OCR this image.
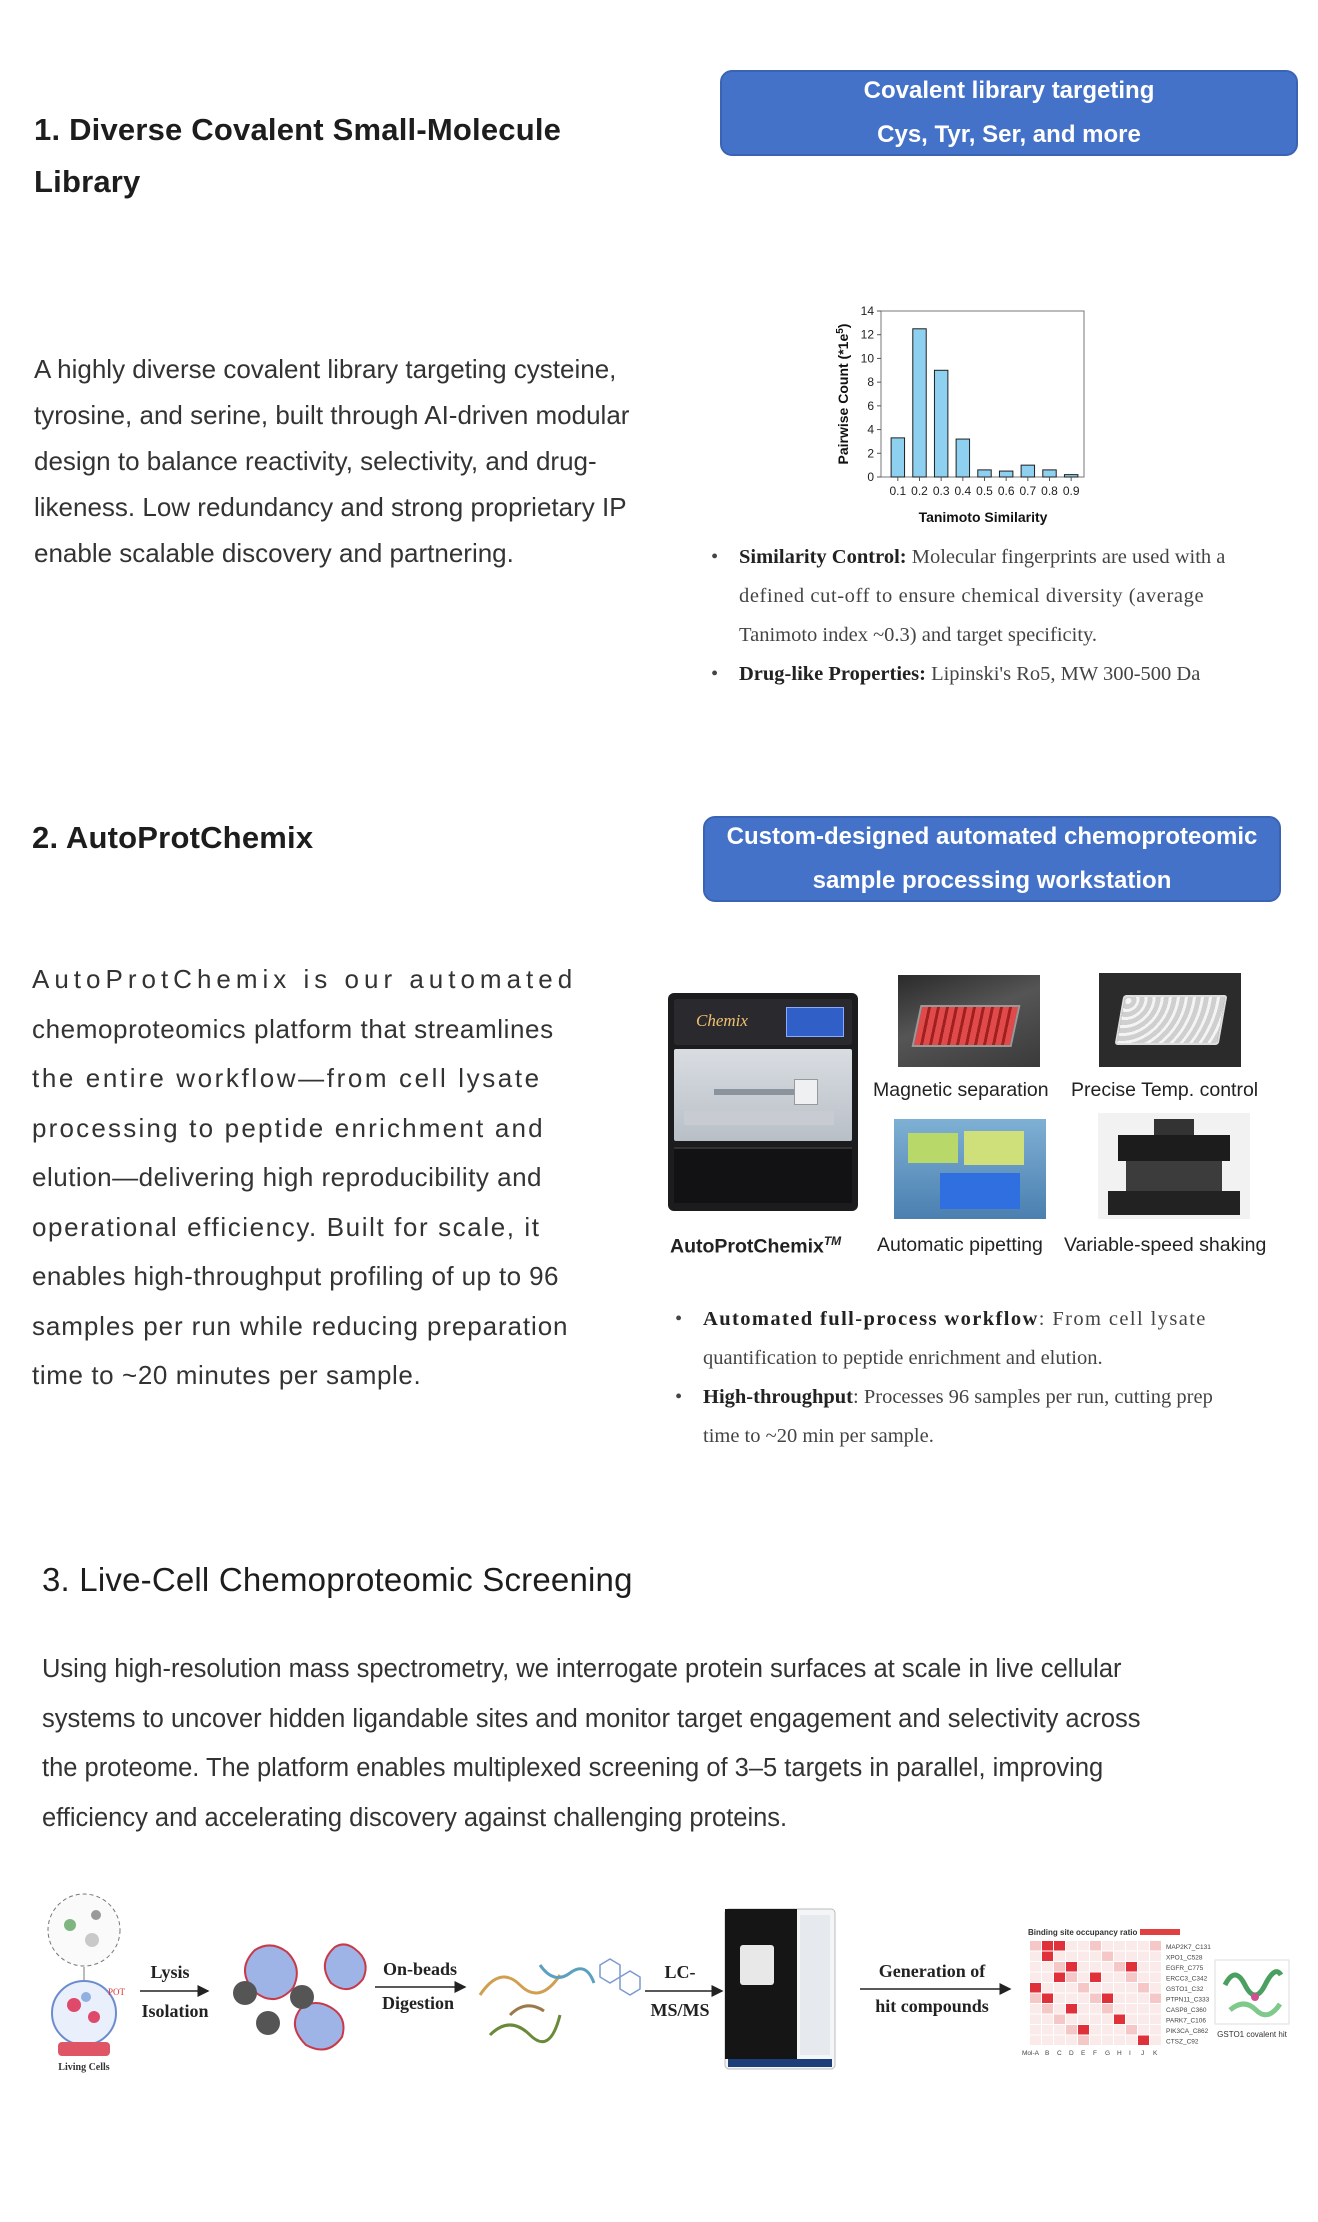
1. Diverse Covalent Small-Molecule
Library
Covalent library targeting
Cys, Tyr, Ser, and more
A highly diverse covalent library targeting cysteine,
tyrosine, and serine, built through AI-driven modular
design to balance reactivity, selectivity, and drug-
likeness. Low redundancy and strong proprietary IP
enable scalable discovery and partnering.
0
2
4
6
8
10
12
14
0.1 0.2 0.3 0.4 0.5 0.6 0.7 0.8 0.9
Tanimoto Similarity
Pairwise Count $(*1e^5)$
•	Similarity Control: Molecular fingerprints are used with a
defined cut-off to ensure chemical diversity (average
Tanimoto index ~0.3) and target specificity.
•	Drug-like Properties: Lipinski's Ro5, MW 300-500 Da
2. AutoProtChemix	Custom-designed automated chemoproteomic
sample processing workstation
AutoProtChemix is our automated
chemoproteomics platform that streamlines
the entire workflow—from cell lysate
processing to peptide enrichment and
elution—delivering high reproducibility and
operational efficiency. Built for scale, it
enables high-throughput profiling of up to 96
samples per run while reducing preparation
time to ~20 minutes per sample.
Chemix
Magnetic separation Precise Temp. control
AutoProtChemix™ Automatic pipetting Variable-speed shaking
•	Automated full-process workflow: From cell lysate
quantification to peptide enrichment and elution.
•	High-throughput: Processes 96 samples per run, cutting prep
time to ~20 min per sample.
3. Live-Cell Chemoproteomic Screening
Using high-resolution mass spectrometry, we interrogate protein surfaces at scale in live cellular
systems to uncover hidden ligandable sites and monitor target engagement and selectivity across
the proteome. The platform enables multiplexed screening of 3–5 targets in parallel, improving
efficiency and accelerating discovery against challenging proteins.
POT
Living Cells
Lysis
Isolation
On-beads
Digestion
LC-
MS/MS
Generation of
hit compounds
Binding site occupancy ratio
MAP2K7_C131
XPO1_C528
EGFR_C775
ERCC3_C342
GSTO1_C32
PTPN11_C333
CASP8_C360
PARK7_C106
PIK3CA_C862
CTSZ_C92
Mol-A B C D E F G H I J K
GSTO1 covalent hit
